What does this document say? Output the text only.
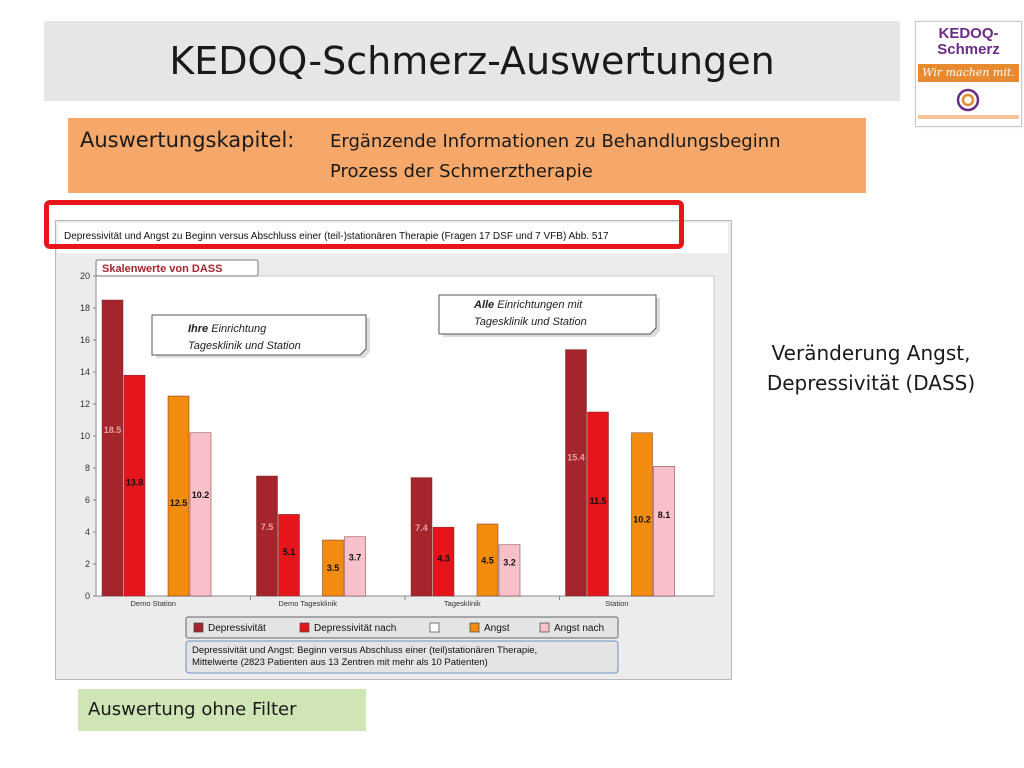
KEDOQ-Schmerz-Auswertungen
KEDOQ-
Schmerz
Wir machen mit.
Auswertungskapitel: Ergänzende Informationen zu Behandlungsbeginn
Prozess der Schmerztherapie
Depressivität und Angst zu Beginn versus Abschluss einer (teil-)stationären Therapie (Fragen 17 DSF und 7 VFB) Abb. 517
0
2
4
6
8
10
12
14
16
18
20
18.5
13.8
12.5
10.2
7.5
5.1
3.5
3.7
7.4
4.3	4.5 3.2
15.4
11.5
10.2 8.1
Demo Station	Demo Tagesklinik	Tagesklinik	Station
Skalenwerte von DASS
Ihre Einrichtung
Tagesklinik und Station
Alle Einrichtungen mit
Tagesklinik und Station
Depressivität	Depressivität nach	Angst	Angst nach
Depressivität und Angst: Beginn versus Abschluss einer (teil)stationären Therapie,
Mittelwerte (2823 Patienten aus 13 Zentren mit mehr als 10 Patienten)
Veränderung Angst,
Depressivität (DASS)
Auswertung ohne Filter
